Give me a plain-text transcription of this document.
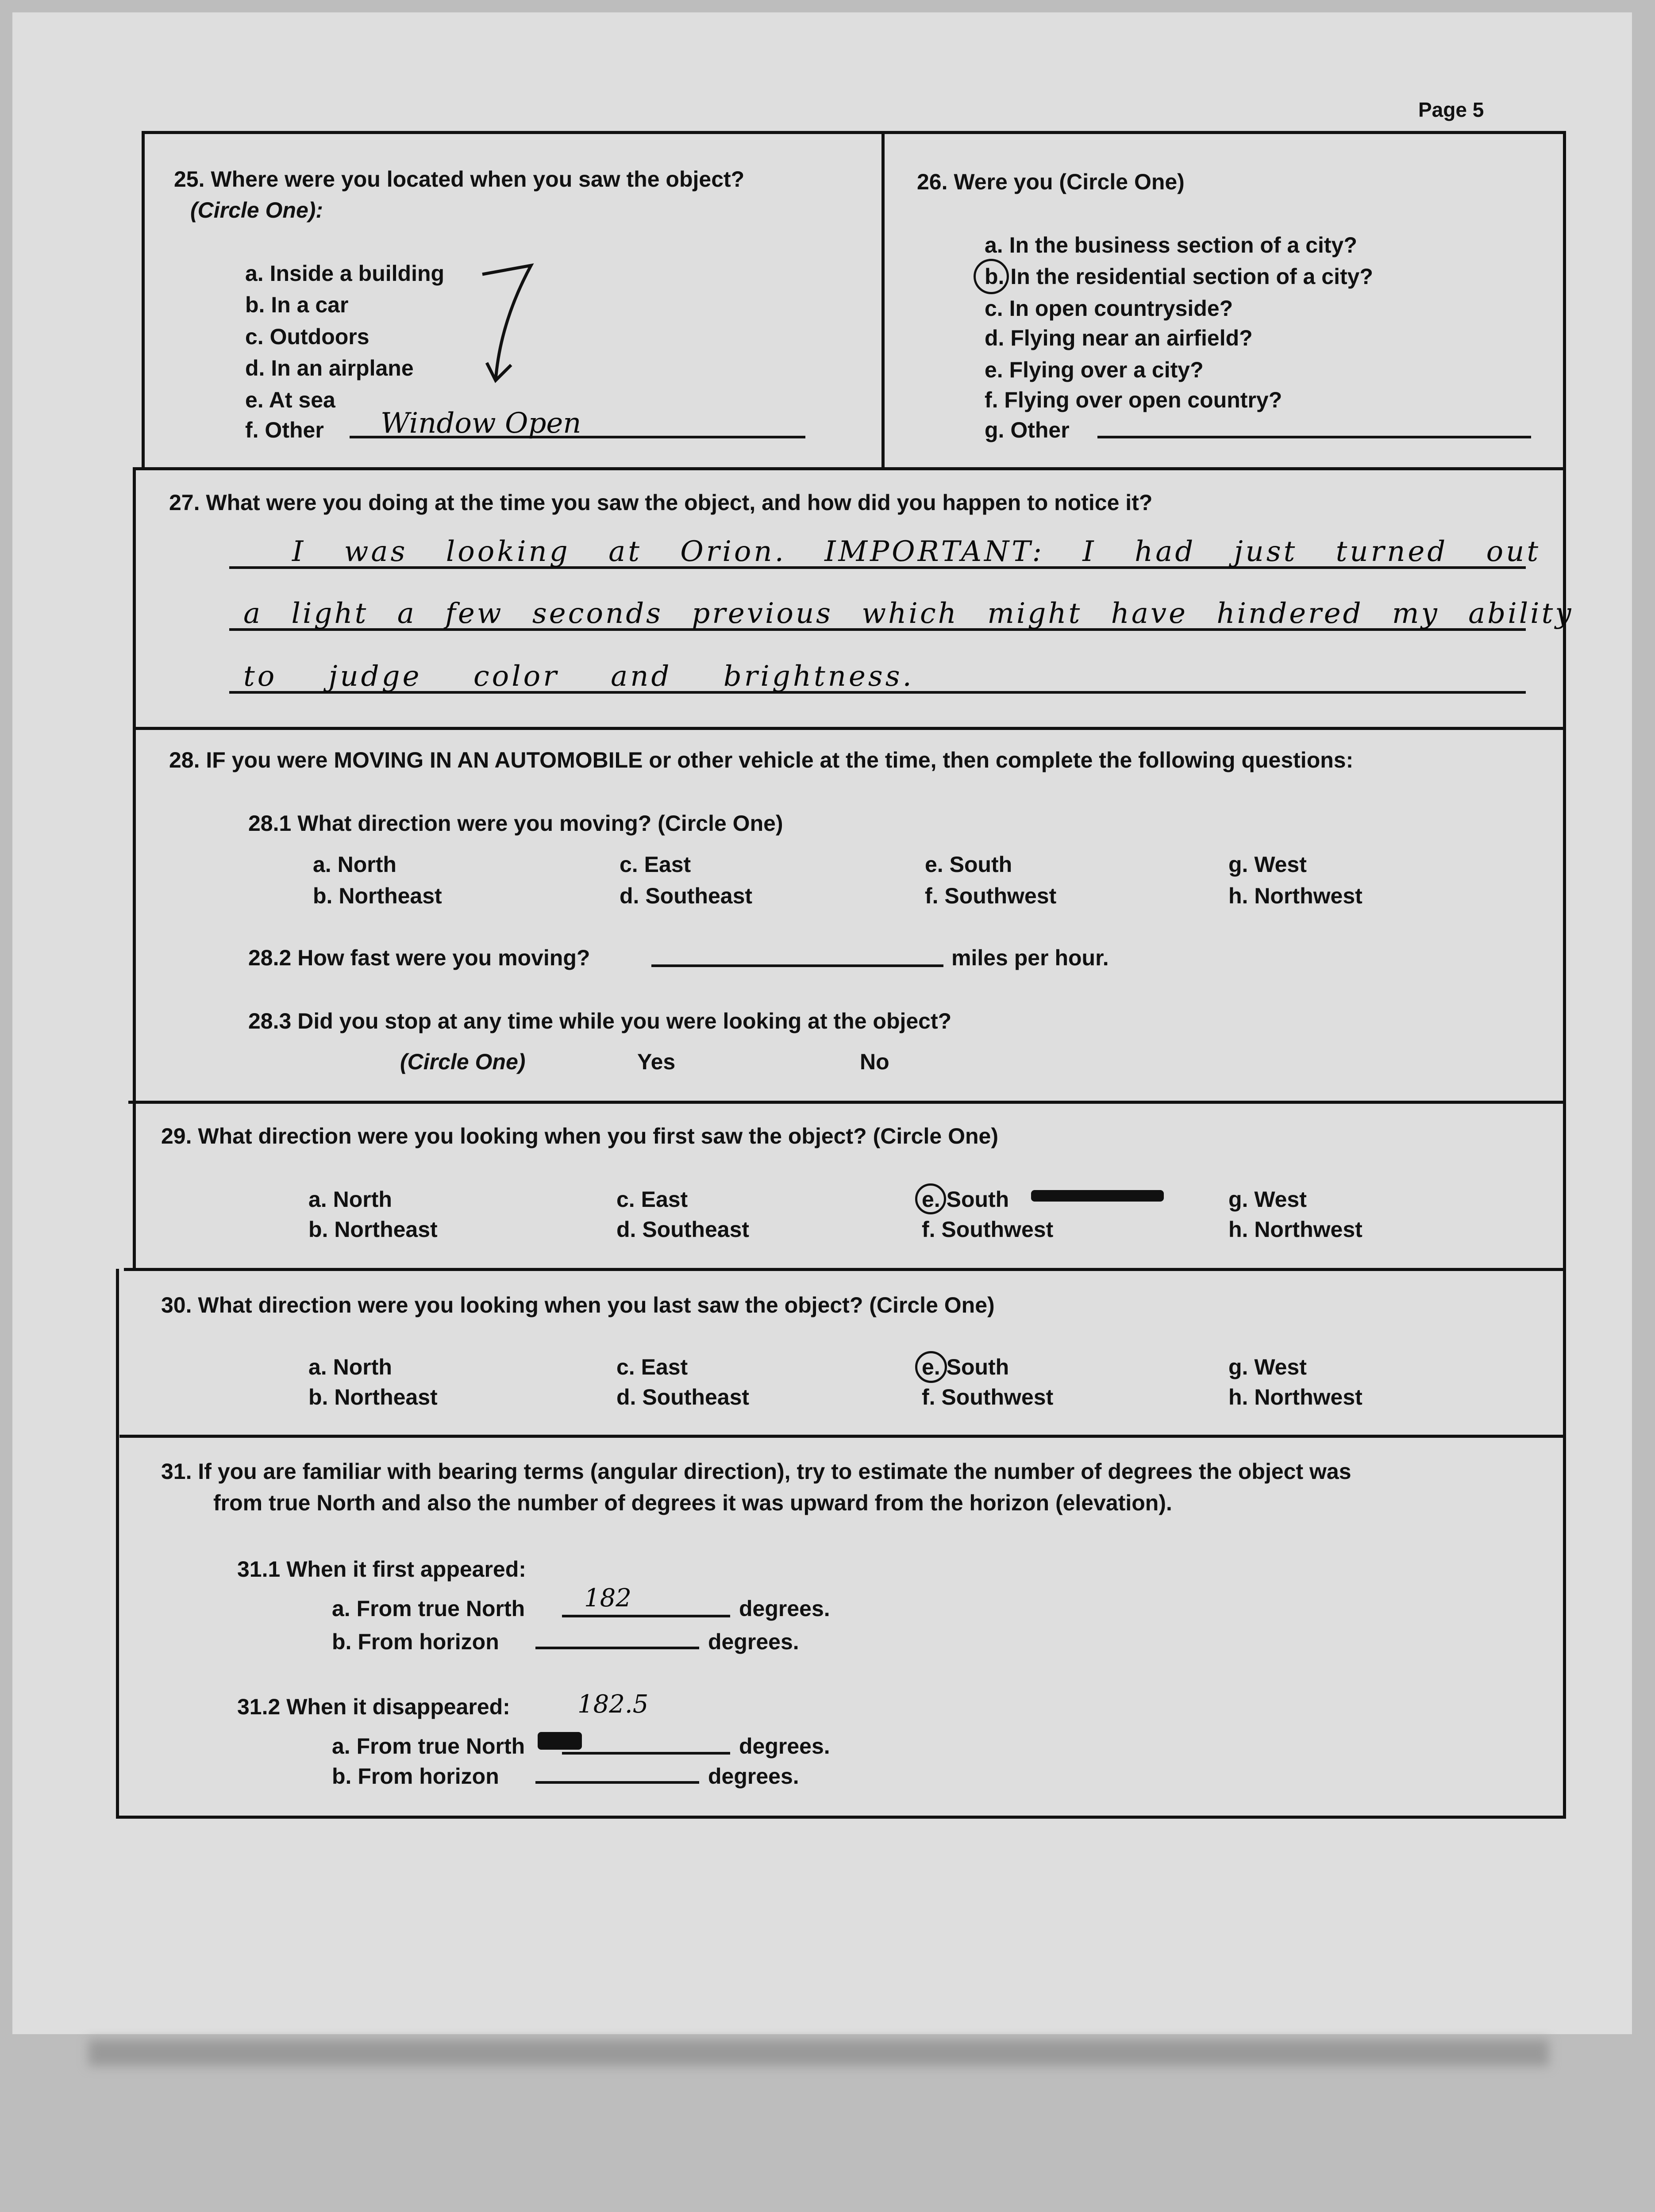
Page 5
25. Where were you located when you saw the object?
(Circle One):
a. Inside a building
b. In a car
c. Outdoors
d. In an airplane
e. At sea
f. Other Window Open
26. Were you (Circle One)
a. In the business section of a city?
b. In the residential section of a city?
c. In open countryside?
d. Flying near an airfield?
e. Flying over a city?
f. Flying over open country?
g. Other
27. What were you doing at the time you saw the object, and how did you happen to notice it?
I was looking at Orion. IMPORTANT: I had just turned out
a light a few seconds previous which might have hindered my ability
to judge color and brightness.
28. IF you were MOVING IN AN AUTOMOBILE or other vehicle at the time, then complete the following questions:
28.1 What direction were you moving? (Circle One)
a. North	c. East	e. South	g. West
b. Northeast	d. Southeast	f. Southwest	h. Northwest
28.2 How fast were you moving?	miles per hour.
28.3 Did you stop at any time while you were looking at the object?
(Circle One)	Yes	No
29. What direction were you looking when you first saw the object? (Circle One)
a. North	c. East	e. South	g. West
b. Northeast	d. Southeast	f. Southwest	h. Northwest
30. What direction were you looking when you last saw the object? (Circle One)
a. North	c. East	e. South	g. West
b. Northeast	d. Southeast	f. Southwest	h. Northwest
31. If you are familiar with bearing terms (angular direction), try to estimate the number of degrees the object was
from true North and also the number of degrees it was upward from the horizon (elevation).
31.1 When it first appeared:
a. From true North 182	degrees.
b. From horizon	degrees.
31.2 When it disappeared:	182.5
a. From true North	degrees.
b. From horizon	degrees.
